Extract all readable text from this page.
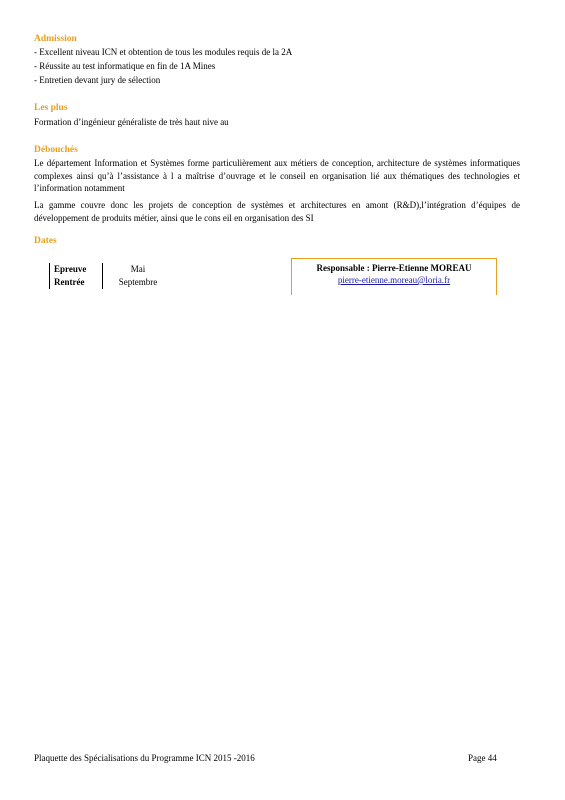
Admission
- Excellent niveau ICN et obtention de tous les modules requis de la 2A
- Réussite au test informatique en fin de 1A Mines
- Entretien devant jury de sélection
Les plus
Formation d’ingénieur généraliste de très haut nive au
Débouchés
Le département Information et Systèmes forme particulièrement aux métiers de conception, architecture de systèmes informatiques complexes ainsi qu’à l’assistance à l a maîtrise d’ouvrage et le conseil en organisation lié aux thématiques des technologies et l’information notamment
La gamme couvre donc les projets de conception de systèmes et architectures en amont (R&D),l’intégration d’équipes de développement de produits métier, ainsi que le cons eil en organisation des SI
Dates
Epreuve	Mai
Rentrée	Septembre
Responsable : Pierre-Etienne MOREAU
pierre-etienne.moreau@loria.fr
Plaquette des Spécialisations du Programme ICN 2015 -2016	Page 44
